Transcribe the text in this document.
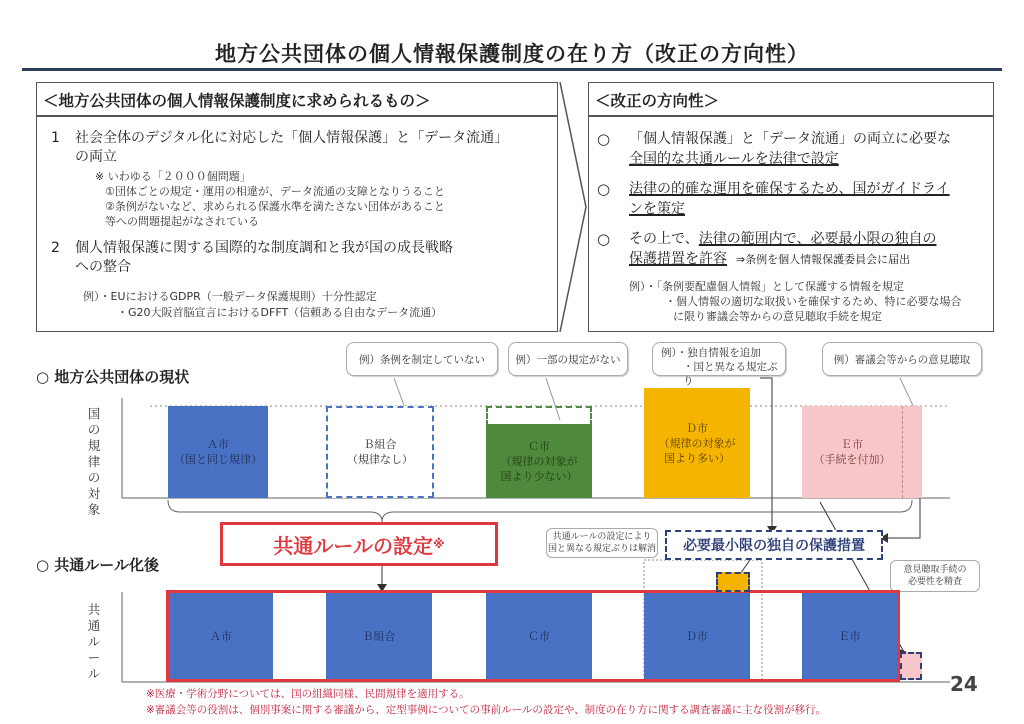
地方公共団体の個人情報保護制度の在り方（改正の方向性）
＜地方公共団体の個人情報保護制度に求められるもの＞
1	社会全体のデジタル化に対応した「個人情報保護」と「データ流通」
の両立
※ いわゆる「２０００個問題」
①団体ごとの規定・運用の相違が、データ流通の支障となりうること
②条例がないなど、求められる保護水準を満たさない団体があること
等への問題提起がなされている
2	個人情報保護に関する国際的な制度調和と我が国の成長戦略
への整合
例）・EUにおけるGDPR（一般データ保護規則）十分性認定
・G20大阪首脳宣言におけるDFFT（信頼ある自由なデータ流通）
＜改正の方向性＞
○ 「個人情報保護」と「データ流通」の両立に必要な
全国的な共通ルールを法律で設定
○ 法律の的確な運用を確保するため、国がガイドライ
ンを策定
○ その上で、法律の範囲内で、必要最小限の独自の
保護措置を許容 ⇒条例を個人情報保護委員会に届出
例）・「条例要配慮個人情報」として保護する情報を規定
・個人情報の適切な取扱いを確保するため、特に必要な場合
に限り審議会等からの意見聴取手続を規定
○ 地方公共団体の現状
○ 共通ルール化後
国の規律の対象
共通ルール
例）条例を制定していない	例）一部の規定がない
例）・独自情報を追加
・国と異なる規定ぶり
例）審議会等からの意見聴取
Ａ市
（国と同じ規律）
Ｂ組合
（規律なし）
Ｃ市
（規律の対象が
国より少ない）
Ｄ市
（規律の対象が
国より多い）
Ｅ市
（手続を付加）
共通ルールの設定 ※	共通ルールの設定により
国と異なる規定ぶりは解消	必要最小限の独自の保護措置
意見聴取手続の
必要性を精査
Ａ市	Ｂ組合	Ｃ市	Ｄ市	Ｅ市
※医療・学術分野については、国の組織同様、民間規律を適用する。
※審議会等の役割は、個別事案に関する審議から、定型事例についての事前ルールの設定や、制度の在り方に関する調査審議に主な役割が移行。
24
